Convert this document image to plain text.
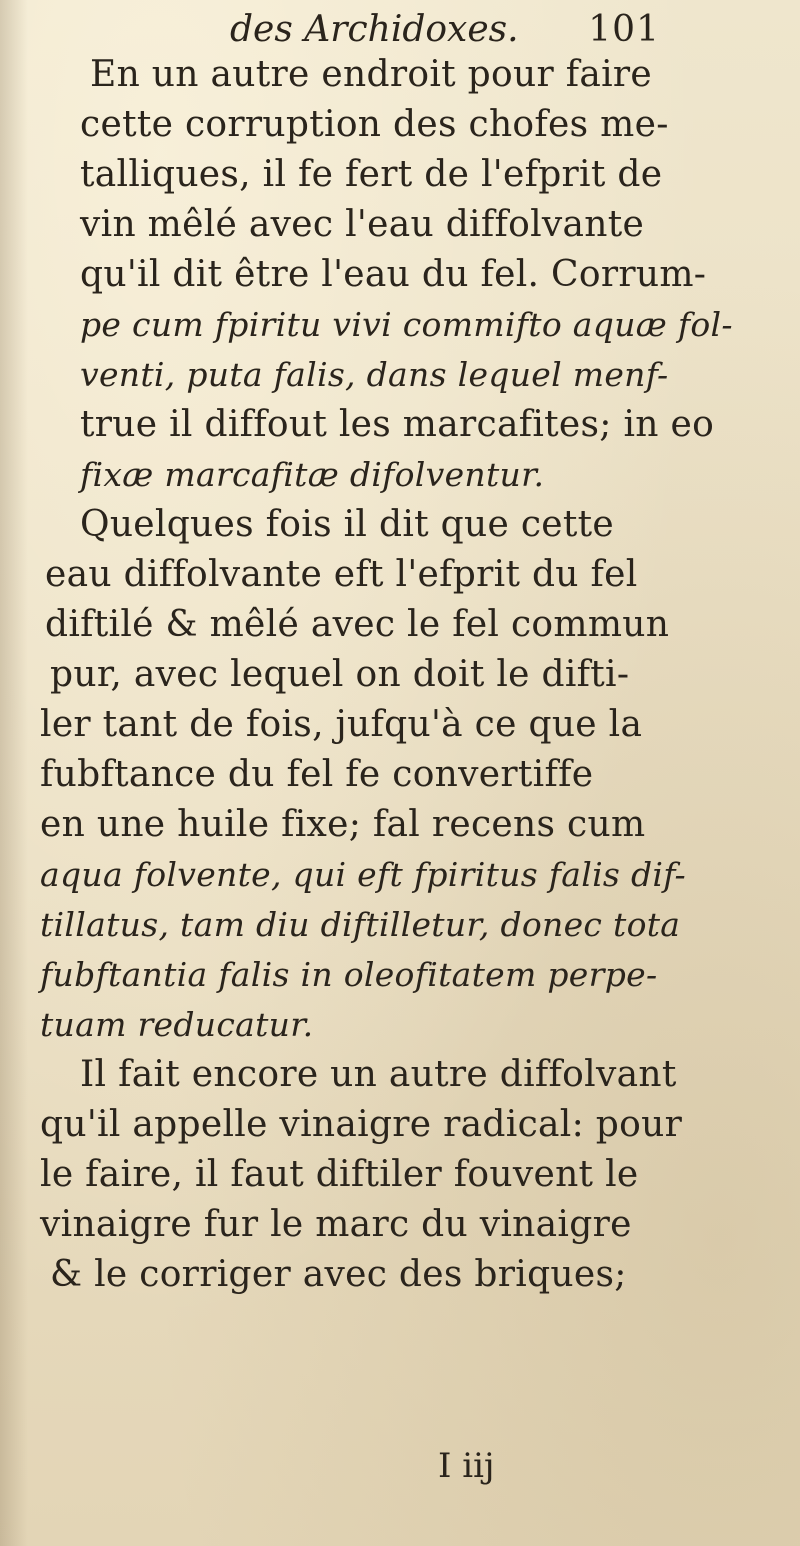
des Archidoxes. 101
En un autre endroit pour faire
cette corruption des chofes me-
talliques, il fe fert de l'efprit de
vin mêlé avec l'eau diffolvante
qu'il dit être l'eau du fel. Corrum-
pe cum fpiritu vivi commifto aquæ fol-
venti, puta falis, dans lequel menf-
true il diffout les marcafites; in eo
fixæ marcafitæ difolventur.
Quelques fois il dit que cette
eau diffolvante eft l'efprit du fel
diftilé & mêlé avec le fel commun
pur, avec lequel on doit le difti-
ler tant de fois, jufqu'à ce que la
fubftance du fel fe convertiffe
en une huile fixe; fal recens cum
aqua folvente, qui eft fpiritus falis dif-
tillatus, tam diu diftilletur, donec tota
fubftantia falis in oleofitatem perpe-
tuam reducatur.
Il fait encore un autre diffolvant
qu'il appelle vinaigre radical: pour
le faire, il faut diftiler fouvent le
vinaigre fur le marc du vinaigre
& le corriger avec des briques;
I iij
